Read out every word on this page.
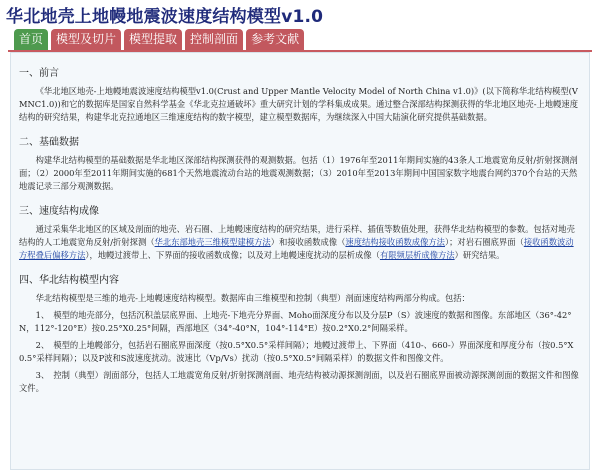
华北地壳上地幔地震波速度结构模型v1.0
首页	模型及切片	模型提取	控制剖面	参考文献
一、前言

《华北地区地壳-上地幔地震波速度结构模型v1.0(Crust and Upper Mantle Velocity Model of North China v1.0)》(以下简称华北结构模型(VMNC1.0))和它的数据库是国家自然科学基金《华北克拉通破坏》重大研究计划的学科集成成果。通过整合深部结构探测获得的华北地区地壳-上地幔速度结构的研究结果，构建华北克拉通地区三维速度结构的数字模型，建立模型数据库，为继续深入中国大陆演化研究提供基础数据。

二、基础数据

构建华北结构模型的基础数据是华北地区深部结构探测获得的观测数据。包括（1）1976年至2011年期间实施的43条人工地震宽角反射/折射探测剖面；（2）2000年至2011年期间实施的681个天然地震流动台站的地震观测数据；（3）2010年至2013年期间中国国家数字地震台网约370个台站的天然地震记录三部分观测数据。

三、速度结构成像

通过采集华北地区的区域及剖面的地壳、岩石圈、上地幔速度结构的研究结果，进行采样、插值等数值处理，获得华北结构模型的参数。包括对地壳结构的人工地震宽角反射/折射探测（华北东部地壳三维模型建模方法）和接收函数成像（速度结构接收函数成像方法）；对岩石圈底界面（接收函数波动方程叠后偏移方法），地幔过渡带上、下界面的接收函数成像；以及对上地幔速度扰动的层析成像（有限频层析成像方法）研究结果。

四、华北结构模型内容

华北结构模型是三维的地壳-上地幔速度结构模型。数据库由三维模型和控制（典型）剖面速度结构两部分构成。包括：

1、　模型的地壳部分，包括沉积盖层底界面、上地壳-下地壳分界面、Moho面深度分布以及分层P（S）波速度的数据和图像。东部地区（36°-42°N，112°-120°E）按0.25°X0.25°间隔，西部地区（34°-40°N，104°-114°E）按0.2°X0.2°间隔采样。

2、　模型的上地幔部分，包括岩石圈底界面深度（按0.5°X0.5°采样间隔）；地幔过渡带上、下界面（410-、660-）界面深度和厚度分布（按0.5°X0.5°采样间隔）；以及P波和S波速度扰动。波速比（Vp/Vs）扰动（按0.5°X0.5°间隔采样）的数据文件和图像文件。

3、　控制（典型）剖面部分，包括人工地震宽角反射/折射探测剖面、地壳结构被动源探测剖面，以及岩石圈底界面被动源探测剖面的数据文件和图像文件。
